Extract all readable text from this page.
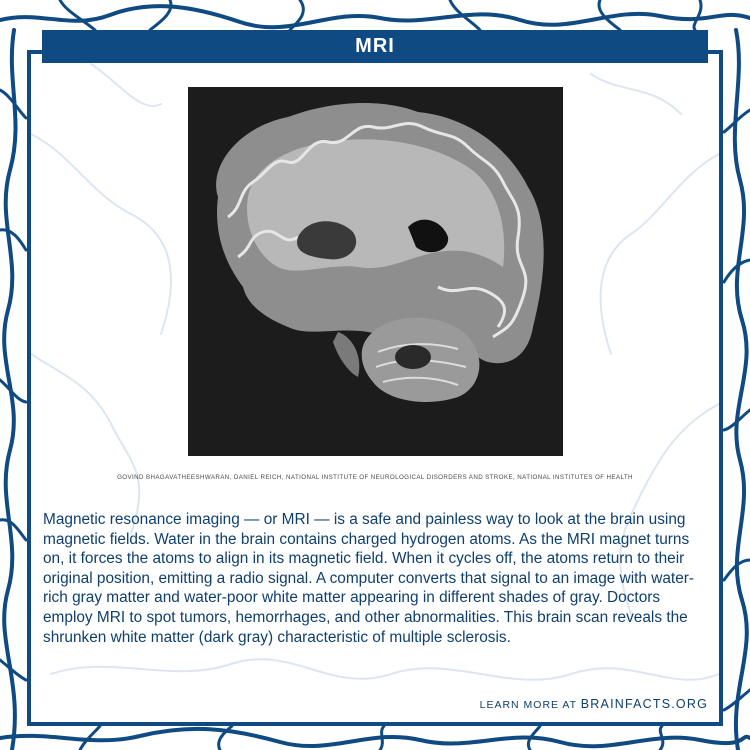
MRI
GOVIND BHAGAVATHEESHWARAN, DANIEL REICH, NATIONAL INSTITUTE OF NEUROLOGICAL DISORDERS AND STROKE, NATIONAL INSTITUTES OF HEALTH

Magnetic resonance imaging — or MRI — is a safe and painless way to look at the brain using magnetic fields. Water in the brain contains charged hydrogen atoms. As the MRI magnet turns on, it forces the atoms to align in its magnetic field. When it cycles off, the atoms return to their original position, emitting a radio signal. A computer converts that signal to an image with water-rich gray matter and water-poor white matter appearing in different shades of gray. Doctors employ MRI to spot tumors, hemorrhages, and other abnormalities. This brain scan reveals the shrunken white matter (dark gray) characteristic of multiple sclerosis.

LEARN MORE AT BRAINFACTS.ORG
